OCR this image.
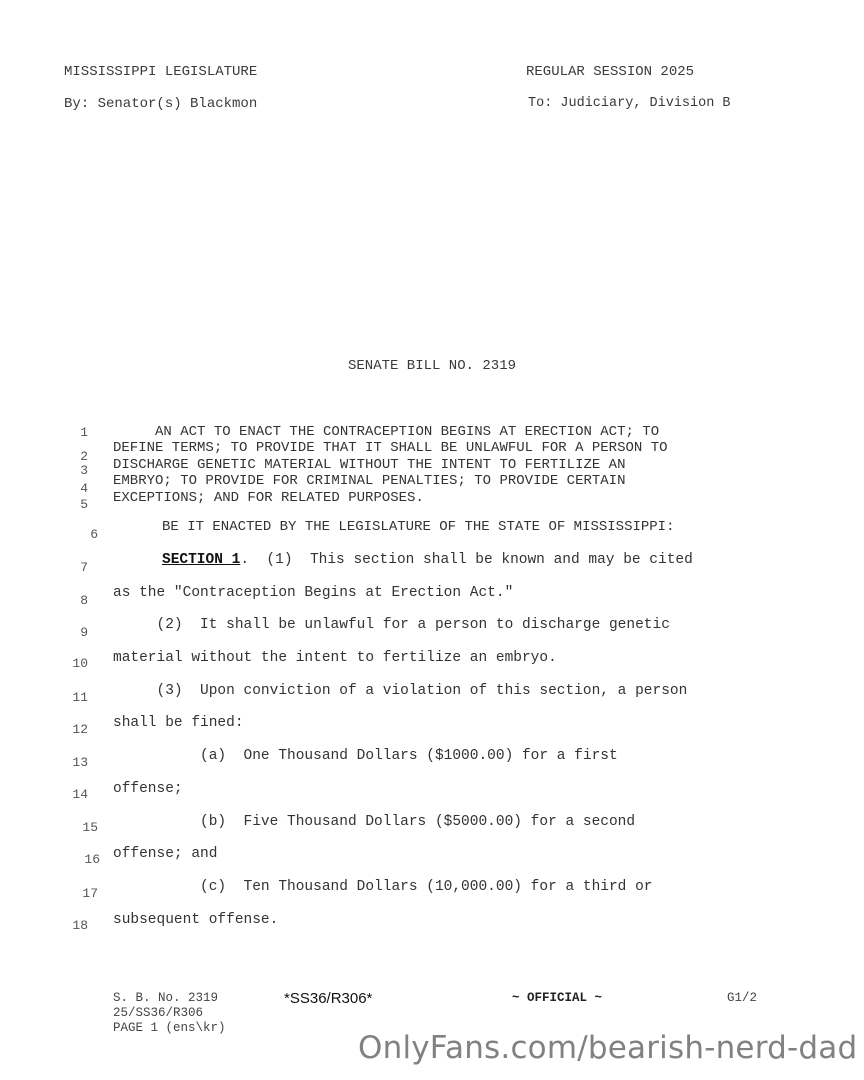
MISSISSIPPI LEGISLATURE	REGULAR SESSION 2025
By: Senator(s) Blackmon	To: Judiciary, Division B
SENATE BILL NO. 2319
1
2
3
4
5
AN ACT TO ENACT THE CONTRACEPTION BEGINS AT ERECTION ACT; TO
DEFINE TERMS; TO PROVIDE THAT IT SHALL BE UNLAWFUL FOR A PERSON TO
DISCHARGE GENETIC MATERIAL WITHOUT THE INTENT TO FERTILIZE AN
EMBRYO; TO PROVIDE FOR CRIMINAL PENALTIES; TO PROVIDE CERTAIN
EXCEPTIONS; AND FOR RELATED PURPOSES.
6	BE IT ENACTED BY THE LEGISLATURE OF THE STATE OF MISSISSIPPI:
7
8
9
10
11
12
13
14
15
16
17
18
SECTION 1.  (1)  This section shall be known and may be cited
as the "Contraception Begins at Erection Act."
(2)  It shall be unlawful for a person to discharge genetic
material without the intent to fertilize an embryo.
(3)  Upon conviction of a violation of this section, a person
shall be fined:
(a)  One Thousand Dollars ($1000.00) for a first
offense;
(b)  Five Thousand Dollars ($5000.00) for a second
offense; and
(c)  Ten Thousand Dollars (10,000.00) for a third or
subsequent offense.
S. B. No. 2319
25/SS36/R306
PAGE 1 (ens\kr)
*SS36/R306*	~ OFFICIAL ~	G1/2
OnlyFans.com/bearish-nerd-dad
